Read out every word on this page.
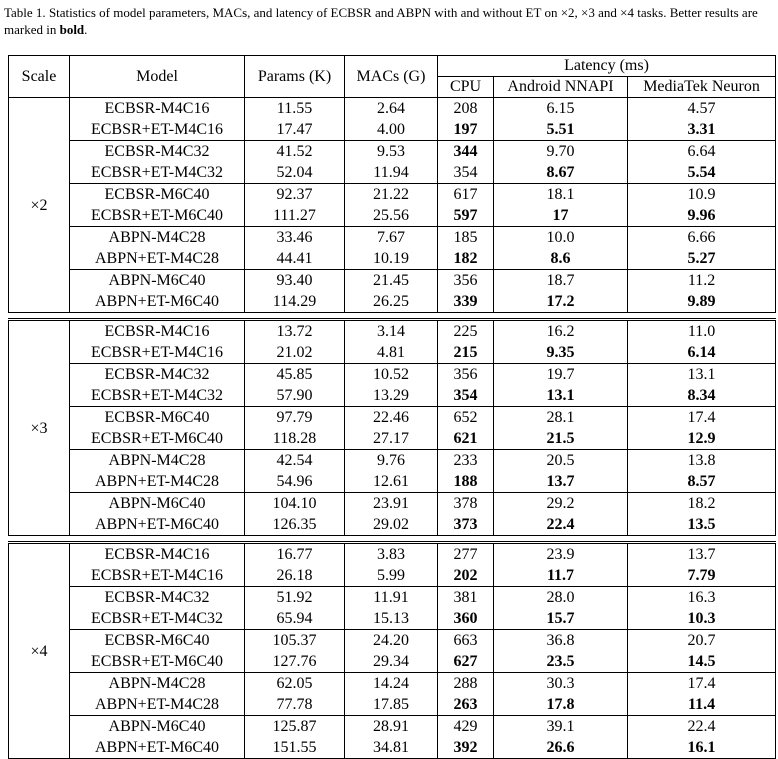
Table 1. Statistics of model parameters, MACs, and latency of ECBSR and ABPN with and without ET on ×2, ×3 and ×4 tasks. Better results are marked in bold.
Scale	Model	Params (K)	MACs (G)	Latency (ms)		
				CPU	Android NNAPI	MediaTek Neuron
×2	ECBSR-M4C16	11.55	2.64	208	6.15	4.57
	ECBSR+ET-M4C16	17.47	4.00	197	5.51	3.31
	ECBSR-M4C32	41.52	9.53	344	9.70	6.64
	ECBSR+ET-M4C32	52.04	11.94	354	8.67	5.54
	ECBSR-M6C40	92.37	21.22	617	18.1	10.9
	ECBSR+ET-M6C40	111.27	25.56	597	17	9.96
	ABPN-M4C28	33.46	7.67	185	10.0	6.66
	ABPN+ET-M4C28	44.41	10.19	182	8.6	5.27
	ABPN-M6C40	93.40	21.45	356	18.7	11.2
	ABPN+ET-M6C40	114.29	26.25	339	17.2	9.89

×3	ECBSR-M4C16	13.72	3.14	225	16.2	11.0
	ECBSR+ET-M4C16	21.02	4.81	215	9.35	6.14
	ECBSR-M4C32	45.85	10.52	356	19.7	13.1
	ECBSR+ET-M4C32	57.90	13.29	354	13.1	8.34
	ECBSR-M6C40	97.79	22.46	652	28.1	17.4
	ECBSR+ET-M6C40	118.28	27.17	621	21.5	12.9
	ABPN-M4C28	42.54	9.76	233	20.5	13.8
	ABPN+ET-M4C28	54.96	12.61	188	13.7	8.57
	ABPN-M6C40	104.10	23.91	378	29.2	18.2
	ABPN+ET-M6C40	126.35	29.02	373	22.4	13.5

×4	ECBSR-M4C16	16.77	3.83	277	23.9	13.7
	ECBSR+ET-M4C16	26.18	5.99	202	11.7	7.79
	ECBSR-M4C32	51.92	11.91	381	28.0	16.3
	ECBSR+ET-M4C32	65.94	15.13	360	15.7	10.3
	ECBSR-M6C40	105.37	24.20	663	36.8	20.7
	ECBSR+ET-M6C40	127.76	29.34	627	23.5	14.5
	ABPN-M4C28	62.05	14.24	288	30.3	17.4
	ABPN+ET-M4C28	77.78	17.85	263	17.8	11.4
	ABPN-M6C40	125.87	28.91	429	39.1	22.4
	ABPN+ET-M6C40	151.55	34.81	392	26.6	16.1
